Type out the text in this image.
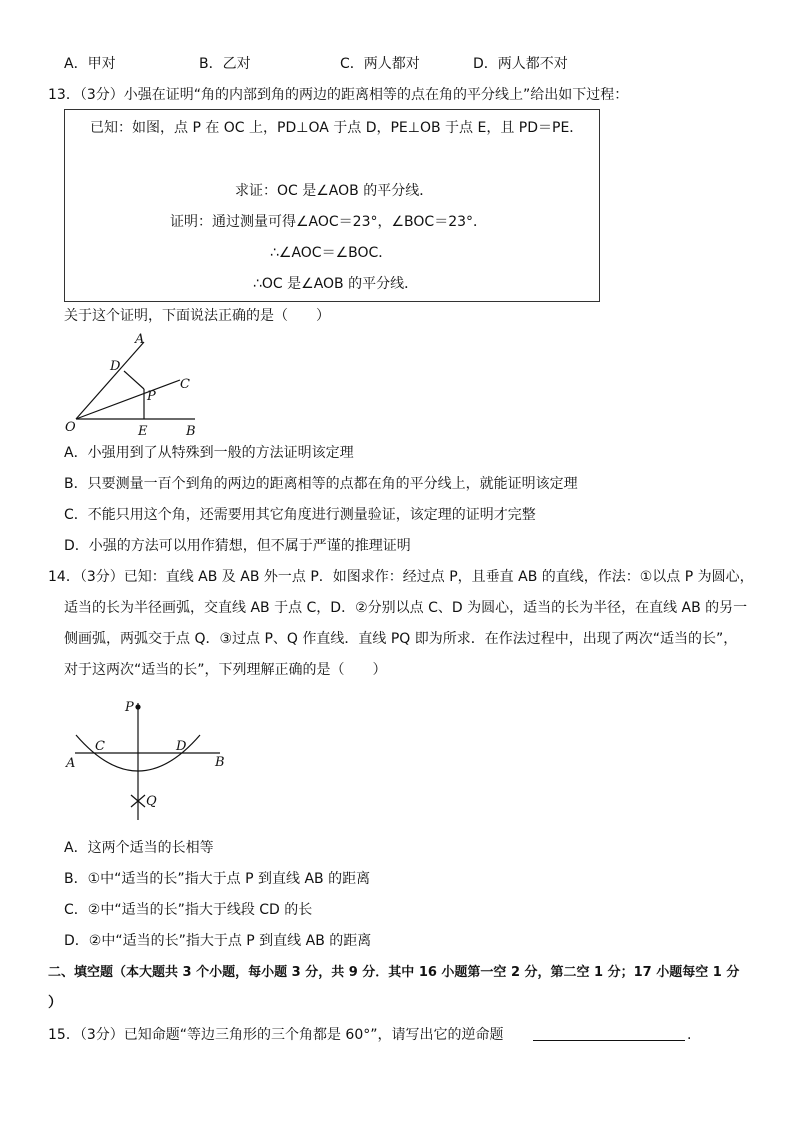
A．甲对	B．乙对	C．两人都对	D．两人都不对
13．（3分）小强在证明“角的内部到角的两边的距离相等的点在角的平分线上”给出如下过程：
已知：如图，点 P 在 OC 上，PD⊥OA 于点 D，PE⊥OB 于点 E，且 PD＝PE．
求证：OC 是∠AOB 的平分线．
证明：通过测量可得∠AOC＝23°，∠BOC＝23°．
∴∠AOC＝∠BOC．
∴OC 是∠AOB 的平分线．
关于这个证明，下面说法正确的是（　　）
A
D
C
P
O	E	B
A．小强用到了从特殊到一般的方法证明该定理
B．只要测量一百个到角的两边的距离相等的点都在角的平分线上，就能证明该定理
C．不能只用这个角，还需要用其它角度进行测量验证，该定理的证明才完整
D．小强的方法可以用作猜想，但不属于严谨的推理证明
14．（3分）已知：直线 AB 及 AB 外一点 P．如图求作：经过点 P，且垂直 AB 的直线，作法：①以点 P 为圆心，
适当的长为半径画弧，交直线 AB 于点 C，D．②分别以点 C、D 为圆心，适当的长为半径，在直线 AB 的另一
侧画弧，两弧交于点 Q．③过点 P、Q 作直线．直线 PQ 即为所求．在作法过程中，出现了两次“适当的长”，
对于这两次“适当的长”，下列理解正确的是（　　）
P
C	D
A	B
Q
A．这两个适当的长相等
B．①中“适当的长”指大于点 P 到直线 AB 的距离
C．②中“适当的长”指大于线段 CD 的长
D．②中“适当的长”指大于点 P 到直线 AB 的距离
二、填空题（本大题共 3 个小题，每小题 3 分，共 9 分．其中 16 小题第一空 2 分，第二空 1 分；17 小题每空 1 分
）
15．（3分）已知命题“等边三角形的三个角都是 60°”，请写出它的逆命题	.
